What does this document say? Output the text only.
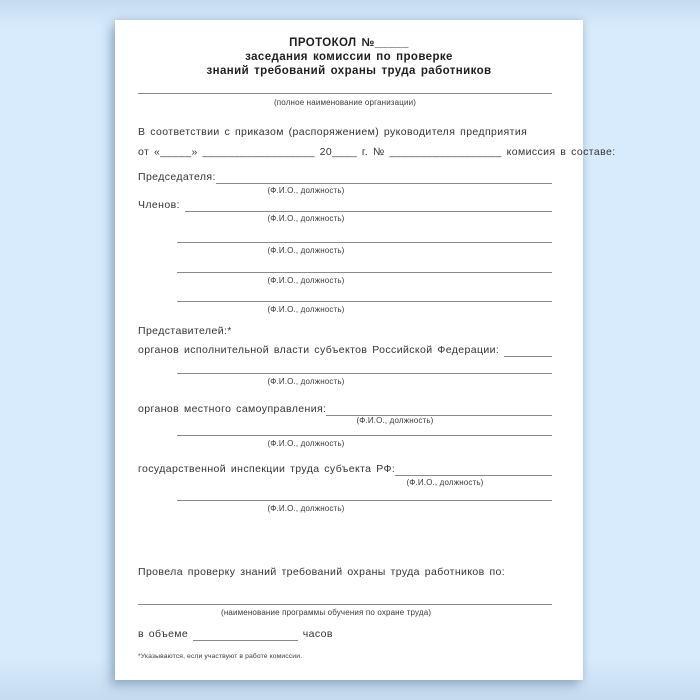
ПРОТОКОЛ №_____
заседания комиссии по проверке
знаний требований охраны труда работников
(полное наименование организации)
В соответствии с приказом (распоряжением) руководителя предприятия
от «_____» __________________ 20____ г. № __________________ комиссия в составе:
Председателя:
(Ф.И.О., должность)
Членов:
(Ф.И.О., должность)
(Ф.И.О., должность)
(Ф.И.О., должность)
(Ф.И.О., должность)
Представителей:*
органов исполнительной власти субъектов Российской Федерации:
(Ф.И.О., должность)
органов местного самоуправления:
(Ф.И.О., должность)
(Ф.И.О., должность)
государственной инспекции труда субъекта РФ:
(Ф.И.О., должность)
(Ф.И.О., должность)
Провела проверку знаний требований охраны труда работников по:
(наименование программы обучения по охране труда)
в объеме	часов
*Указываются, если участвуют в работе комиссии.
